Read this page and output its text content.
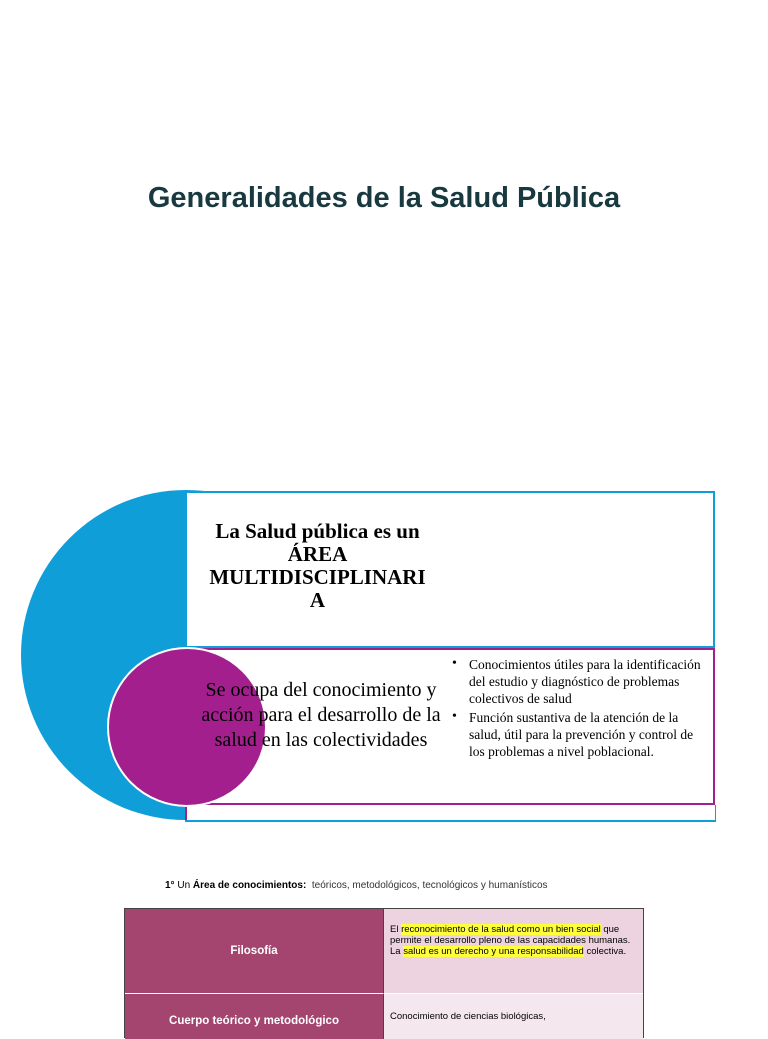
Generalidades de la Salud Pública
La Salud pública es un
ÁREA
MULTIDISCIPLINARI
A
Se ocupa del conocimiento y acción para el desarrollo de la salud en las colectividades
• Conocimientos útiles para la identificación del estudio y diagnóstico de problemas colectivos de salud
• Función sustantiva de la atención de la salud, útil para la prevención y control de los problemas a nivel poblacional.
1° Un Área de conocimientos: teóricos, metodológicos, tecnológicos y humanísticos
Filosofía
El reconocimiento de la salud como un bien social que permite el desarrollo pleno de las capacidades humanas. La salud es un derecho y una responsabilidad colectiva.
Cuerpo teórico y metodológico	Conocimiento de ciencias biológicas,
